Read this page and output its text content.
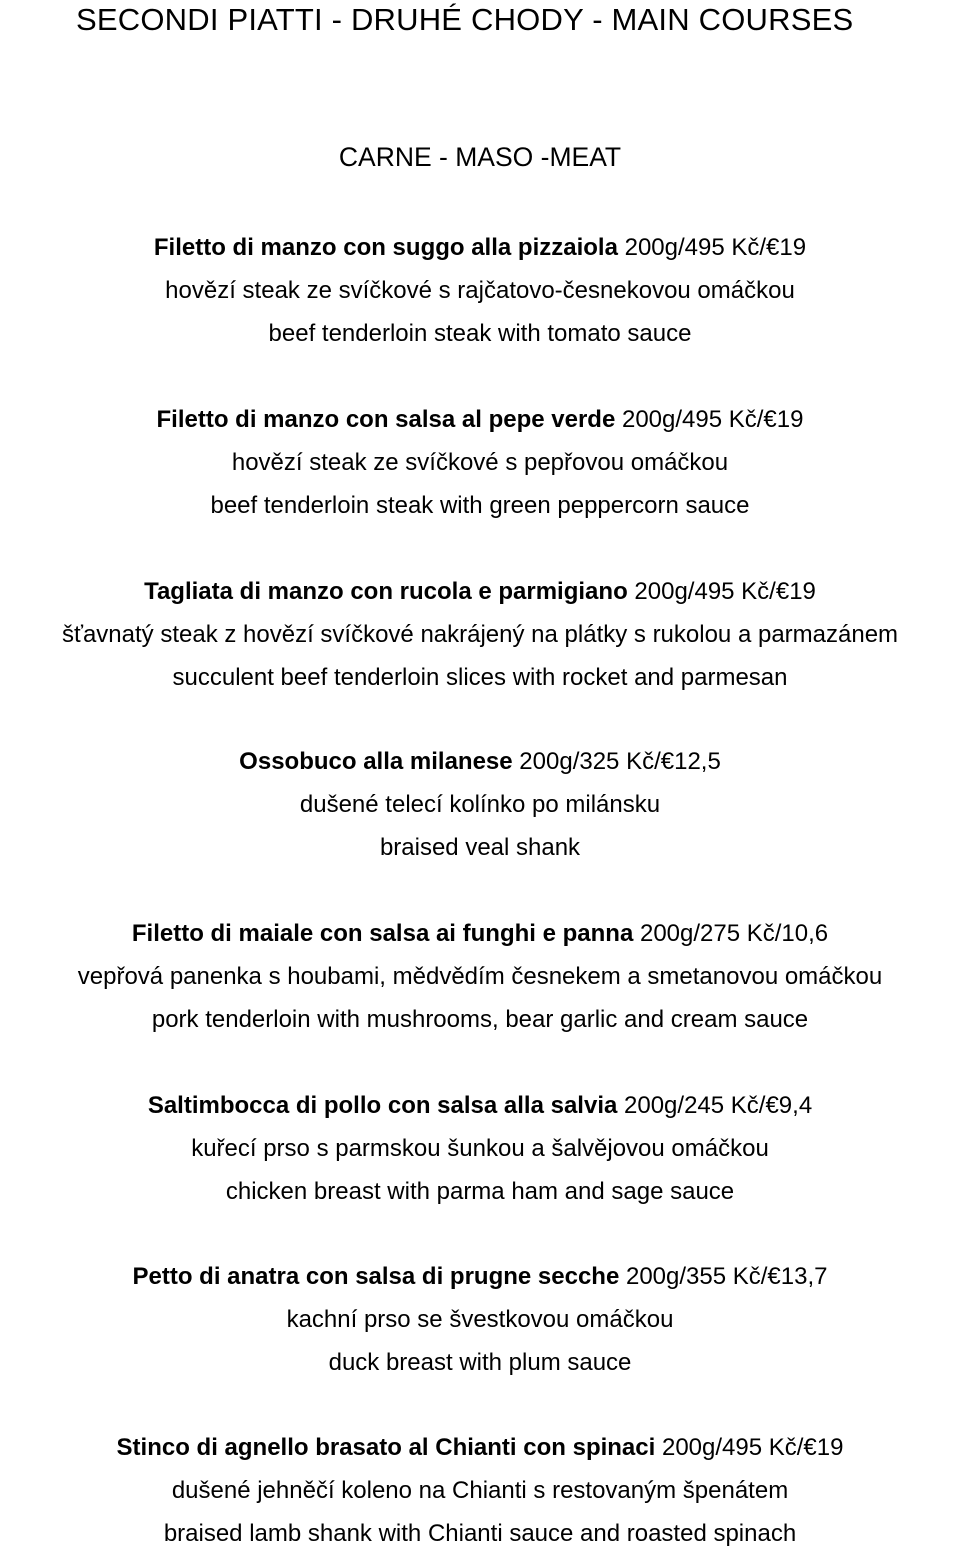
SECONDI PIATTI - DRUHÉ CHODY - MAIN COURSES
CARNE - MASO -MEAT
Filetto di manzo con suggo alla pizzaiola 200g/495 Kč/€19
hovězí steak ze svíčkové s rajčatovo-česnekovou omáčkou
beef tenderloin steak with tomato sauce
Filetto di manzo con salsa al pepe verde 200g/495 Kč/€19
hovězí steak ze svíčkové s pepřovou omáčkou
beef tenderloin steak with green peppercorn sauce
Tagliata di manzo con rucola e parmigiano 200g/495 Kč/€19
šťavnatý steak z hovězí svíčkové nakrájený na plátky s rukolou a parmazánem
succulent beef tenderloin slices with rocket and parmesan
Ossobuco alla milanese 200g/325 Kč/€12,5
dušené telecí kolínko po milánsku
braised veal shank
Filetto di maiale con salsa ai funghi e panna 200g/275 Kč/10,6
vepřová panenka s houbami, mědvědím česnekem a smetanovou omáčkou
pork tenderloin with mushrooms, bear garlic and cream sauce
Saltimbocca di pollo con salsa alla salvia 200g/245 Kč/€9,4
kuřecí prso s parmskou šunkou a šalvějovou omáčkou
chicken breast with parma ham and sage sauce
Petto di anatra con salsa di prugne secche 200g/355 Kč/€13,7
kachní prso se švestkovou omáčkou
duck breast with plum sauce
Stinco di agnello brasato al Chianti con spinaci 200g/495 Kč/€19
dušené jehněčí koleno na Chianti s restovaným špenátem
braised lamb shank with Chianti sauce and roasted spinach
